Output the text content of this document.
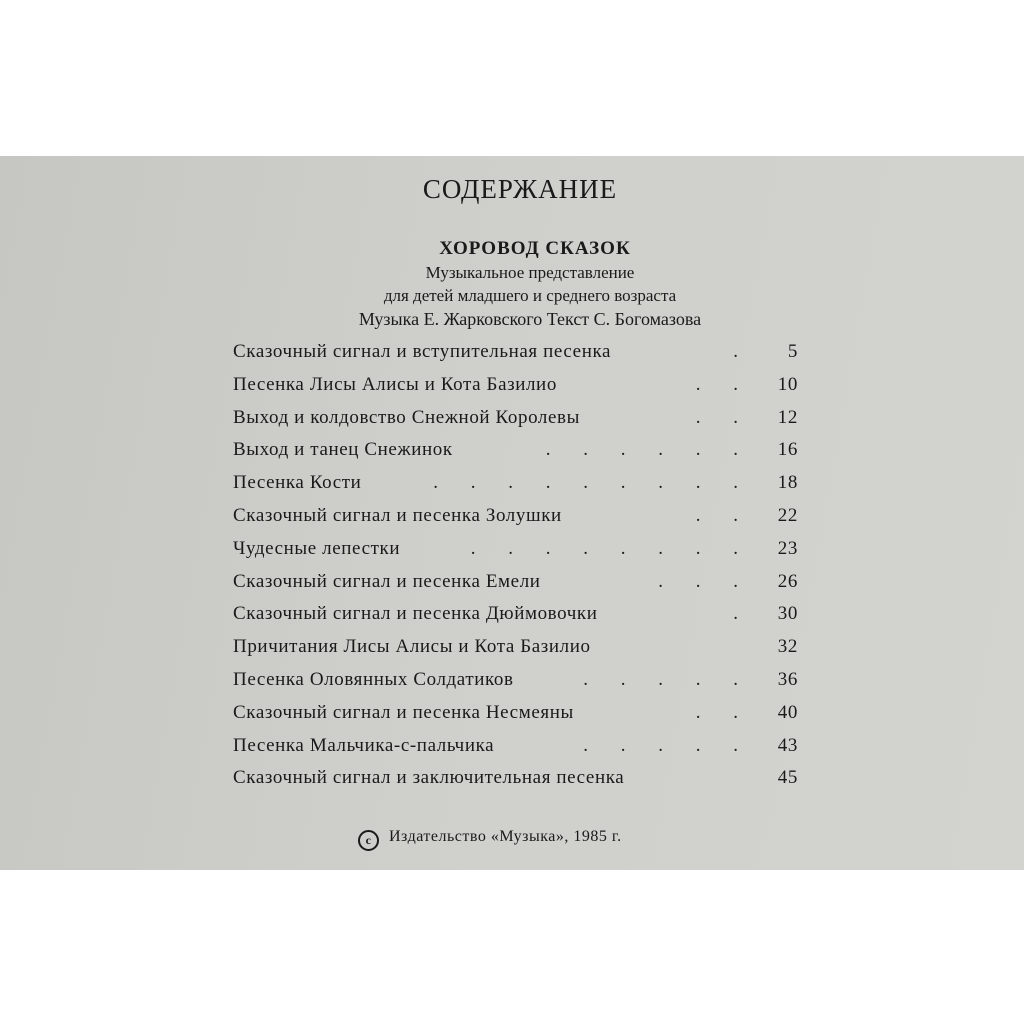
СОДЕРЖАНИЕ
ХОРОВОД СКАЗОК
Музыкальное представление
для детей младшего и среднего возраста
Музыка Е. Жарковского Текст С. Богомазова
Сказочный сигнал и вступительная песенка	.	5
Песенка Лисы Алисы и Кота Базилио	. .	10
Выход и колдовство Снежной Королевы	. .	12
Выход и танец Снежинок	. . . . . .	16
Песенка Кости	. . . . . . . . .	18
Сказочный сигнал и песенка Золушки	. .	22
Чудесные лепестки	. . . . . . . .	23
Сказочный сигнал и песенка Емели	. . .	26
Сказочный сигнал и песенка Дюймовочки	.	30
Причитания Лисы Алисы и Кота Базилио	32
Песенка Оловянных Солдатиков	. . . . .	36
Сказочный сигнал и песенка Несмеяны	. .	40
Песенка Мальчика-с-пальчика	. . . . .	43
Сказочный сигнал и заключительная песенка	45
c Издательство «Музыка», 1985 г.
